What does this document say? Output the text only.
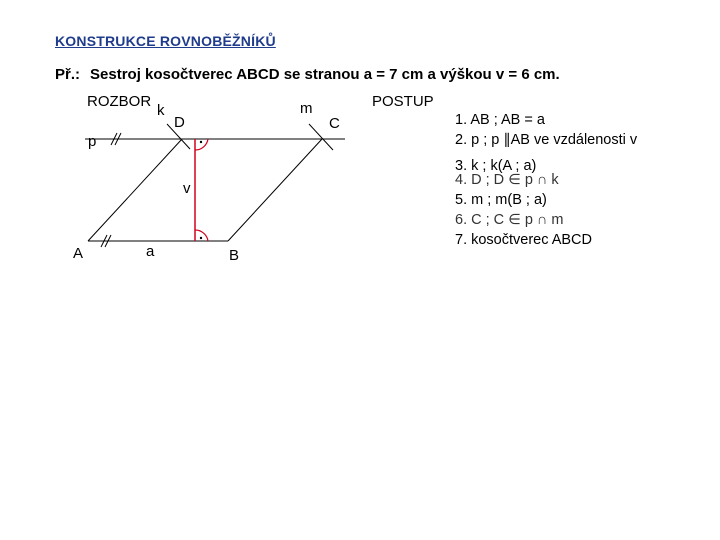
KONSTRUKCE ROVNOBĚŽNÍKŮ
Př.: Sestroj kosočtverec ABCD se stranou a = 7 cm a výškou v = 6 cm.
ROZBOR	POSTUP
A	B
C
D
k	m
p
a
v
1. AB ; AB = a
2. p ; p ∥AB ve vzdálenosti v
3. k ; k(A ; a)
4. D ; D ∈ p ∩ k
5. m ; m(B ; a)
6. C ; C ∈ p ∩ m
7. kosočtverec ABCD
